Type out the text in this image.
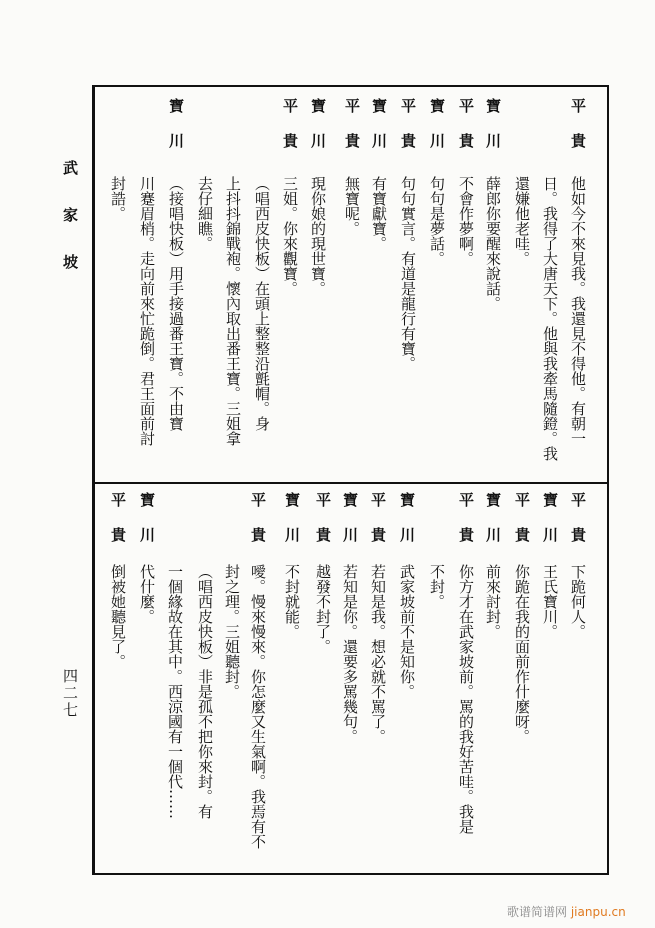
武家坡
四二七
平貴
他如今不來見我。我還見不得他。有朝一
日。我得了大唐天下。他與我牽馬隨鐙。我
還嫌他老哇。
寶川
薛郎你要醒來說話。
平貴
不會作夢啊。
寶川
句句是夢話。
平貴
句句實言。有道是龍行有寶。
寶川
有寶獻寶。
平貴
無寶呢。
寶川
現你娘的現世寶。
平貴
三姐。你來觀寶。
（唱西皮快板）在頭上整整沿氈帽。身
上抖抖錦戰袍。懷內取出番王寶。三姐拿
去仔細瞧。
寶川
（接唱快板）用手接過番王寶。不由寶
川蹇眉梢。走向前來忙跪倒。君王面前討
封誥。
平貴
下跪何人。
寶川
王氏寶川。
平貴
你跪在我的面前作什麼呀。
寶川
前來討封。
平貴
你方才在武家坡前。罵的我好苦哇。我是
不封。
寶川
武家坡前不是知你。
平貴
若知是我。想必就不罵了。
寶川
若知是你。還要多罵幾句。
平貴
越發不封了。
寶川
不封就能。
平貴
噯。慢來慢來。你怎麼又生氣啊。我焉有不
封之理。三姐聽封。
（唱西皮快板）非是孤不把你來封。有
一個緣故在其中。西涼國有一個代……
寶川
代什麼。
平貴
倒被她聽見了。
歌谱简谱网 jianpu.cn
